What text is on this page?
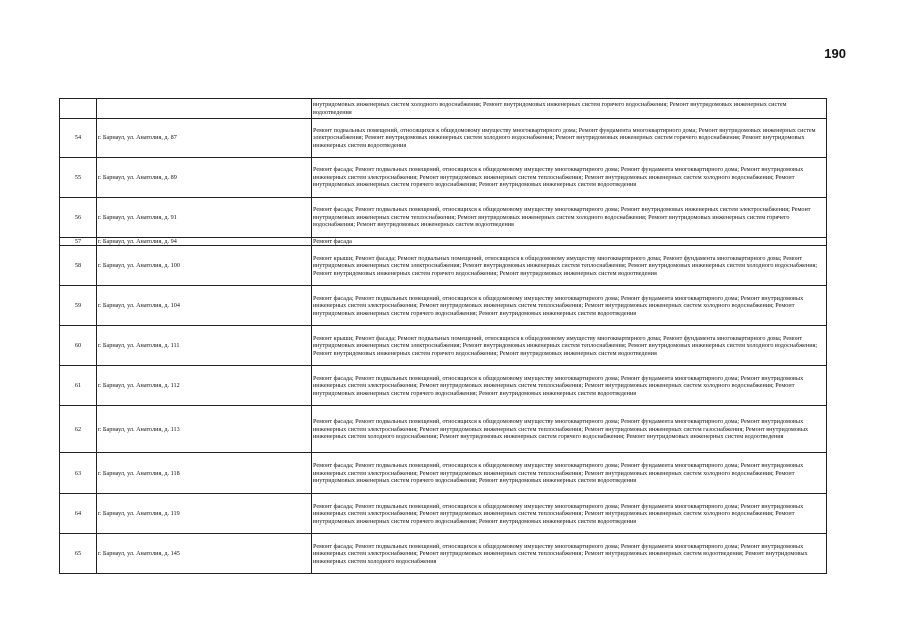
190
		внутридомовых инженерных систем холодного водоснабжения; Ремонт внутридомовых инженерных систем горячего водоснабжения; Ремонт внутридомовых инженерных систем водоотведения
54	г. Барнаул, ул. Анатолия, д. 87	Ремонт подвальных помещений, относящихся к общедомовому имуществу многоквартирного дома; Ремонт фундамента многоквартирного дома; Ремонт внутридомовых инженерных систем электроснабжения; Ремонт внутридомовых инженерных систем холодного водоснабжения; Ремонт внутридомовых инженерных систем горячего водоснабжения; Ремонт внутридомовых инженерных систем водоотведения
55	г. Барнаул, ул. Анатолия, д. 89	Ремонт фасада; Ремонт подвальных помещений, относящихся к общедомовому имуществу многоквартирного дома; Ремонт фундамента многоквартирного дома; Ремонт внутридомовых инженерных систем электроснабжения; Ремонт внутридомовых инженерных систем теплоснабжения; Ремонт внутридомовых инженерных систем холодного водоснабжения; Ремонт внутридомовых инженерных систем горячего водоснабжения; Ремонт внутридомовых инженерных систем водоотведения
56	г. Барнаул, ул. Анатолия, д. 91	Ремонт фасада; Ремонт подвальных помещений, относящихся к общедомовому имуществу многоквартирного дома; Ремонт внутридомовых инженерных систем электроснабжения; Ремонт внутридомовых инженерных систем теплоснабжения; Ремонт внутридомовых инженерных систем холодного водоснабжения; Ремонт внутридомовых инженерных систем горячего водоснабжения; Ремонт внутридомовых инженерных систем водоотведения
57	г. Барнаул, ул. Анатолия, д. 94	Ремонт фасада
58	г. Барнаул, ул. Анатолия, д. 100	Ремонт крыши; Ремонт фасада; Ремонт подвальных помещений, относящихся к общедомовому имуществу многоквартирного дома; Ремонт фундамента многоквартирного дома; Ремонт внутридомовых инженерных систем электроснабжения; Ремонт внутридомовых инженерных систем теплоснабжения; Ремонт внутридомовых инженерных систем холодного водоснабжения; Ремонт внутридомовых инженерных систем горячего водоснабжения; Ремонт внутридомовых инженерных систем водоотведения
59	г. Барнаул, ул. Анатолия, д. 104	Ремонт фасада; Ремонт подвальных помещений, относящихся к общедомовому имуществу многоквартирного дома; Ремонт фундамента многоквартирного дома; Ремонт внутридомовых инженерных систем электроснабжения; Ремонт внутридомовых инженерных систем теплоснабжения; Ремонт внутридомовых инженерных систем холодного водоснабжения; Ремонт внутридомовых инженерных систем горячего водоснабжения; Ремонт внутридомовых инженерных систем водоотведения
60	г. Барнаул, ул. Анатолия, д. 111	Ремонт крыши; Ремонт фасада; Ремонт подвальных помещений, относящихся к общедомовому имуществу многоквартирного дома; Ремонт фундамента многоквартирного дома; Ремонт внутридомовых инженерных систем электроснабжения; Ремонт внутридомовых инженерных систем теплоснабжения; Ремонт внутридомовых инженерных систем холодного водоснабжения; Ремонт внутридомовых инженерных систем горячего водоснабжения; Ремонт внутридомовых инженерных систем водоотведения
61	г. Барнаул, ул. Анатолия, д. 112	Ремонт фасада; Ремонт подвальных помещений, относящихся к общедомовому имуществу многоквартирного дома; Ремонт фундамента многоквартирного дома; Ремонт внутридомовых инженерных систем электроснабжения; Ремонт внутридомовых инженерных систем теплоснабжения; Ремонт внутридомовых инженерных систем холодного водоснабжения; Ремонт внутридомовых инженерных систем горячего водоснабжения; Ремонт внутридомовых инженерных систем водоотведения
62	г. Барнаул, ул. Анатолия, д. 113	Ремонт фасада; Ремонт подвальных помещений, относящихся к общедомовому имуществу многоквартирного дома; Ремонт фундамента многоквартирного дома; Ремонт внутридомовых инженерных систем электроснабжения; Ремонт внутридомовых инженерных систем теплоснабжения; Ремонт внутридомовых инженерных систем газоснабжения; Ремонт внутридомовых инженерных систем холодного водоснабжения; Ремонт внутридомовых инженерных систем горячего водоснабжения; Ремонт внутридомовых инженерных систем водоотведения
63	г. Барнаул, ул. Анатолия, д. 118	Ремонт фасада; Ремонт подвальных помещений, относящихся к общедомовому имуществу многоквартирного дома; Ремонт фундамента многоквартирного дома; Ремонт внутридомовых инженерных систем электроснабжения; Ремонт внутридомовых инженерных систем теплоснабжения; Ремонт внутридомовых инженерных систем холодного водоснабжения; Ремонт внутридомовых инженерных систем горячего водоснабжения; Ремонт внутридомовых инженерных систем водоотведения
64	г. Барнаул, ул. Анатолия, д. 119	Ремонт фасада; Ремонт подвальных помещений, относящихся к общедомовому имуществу многоквартирного дома; Ремонт фундамента многоквартирного дома; Ремонт внутридомовых инженерных систем электроснабжения; Ремонт внутридомовых инженерных систем теплоснабжения; Ремонт внутридомовых инженерных систем холодного водоснабжения; Ремонт внутридомовых инженерных систем горячего водоснабжения; Ремонт внутридомовых инженерных систем водоотведения
65	г. Барнаул, ул. Анатолия, д. 145	Ремонт фасада; Ремонт подвальных помещений, относящихся к общедомовому имуществу многоквартирного дома; Ремонт фундамента многоквартирного дома; Ремонт внутридомовых инженерных систем электроснабжения; Ремонт внутридомовых инженерных систем теплоснабжения; Ремонт внутридомовых инженерных систем водоотведения; Ремонт внутридомовых инженерных систем холодного водоснабжения
